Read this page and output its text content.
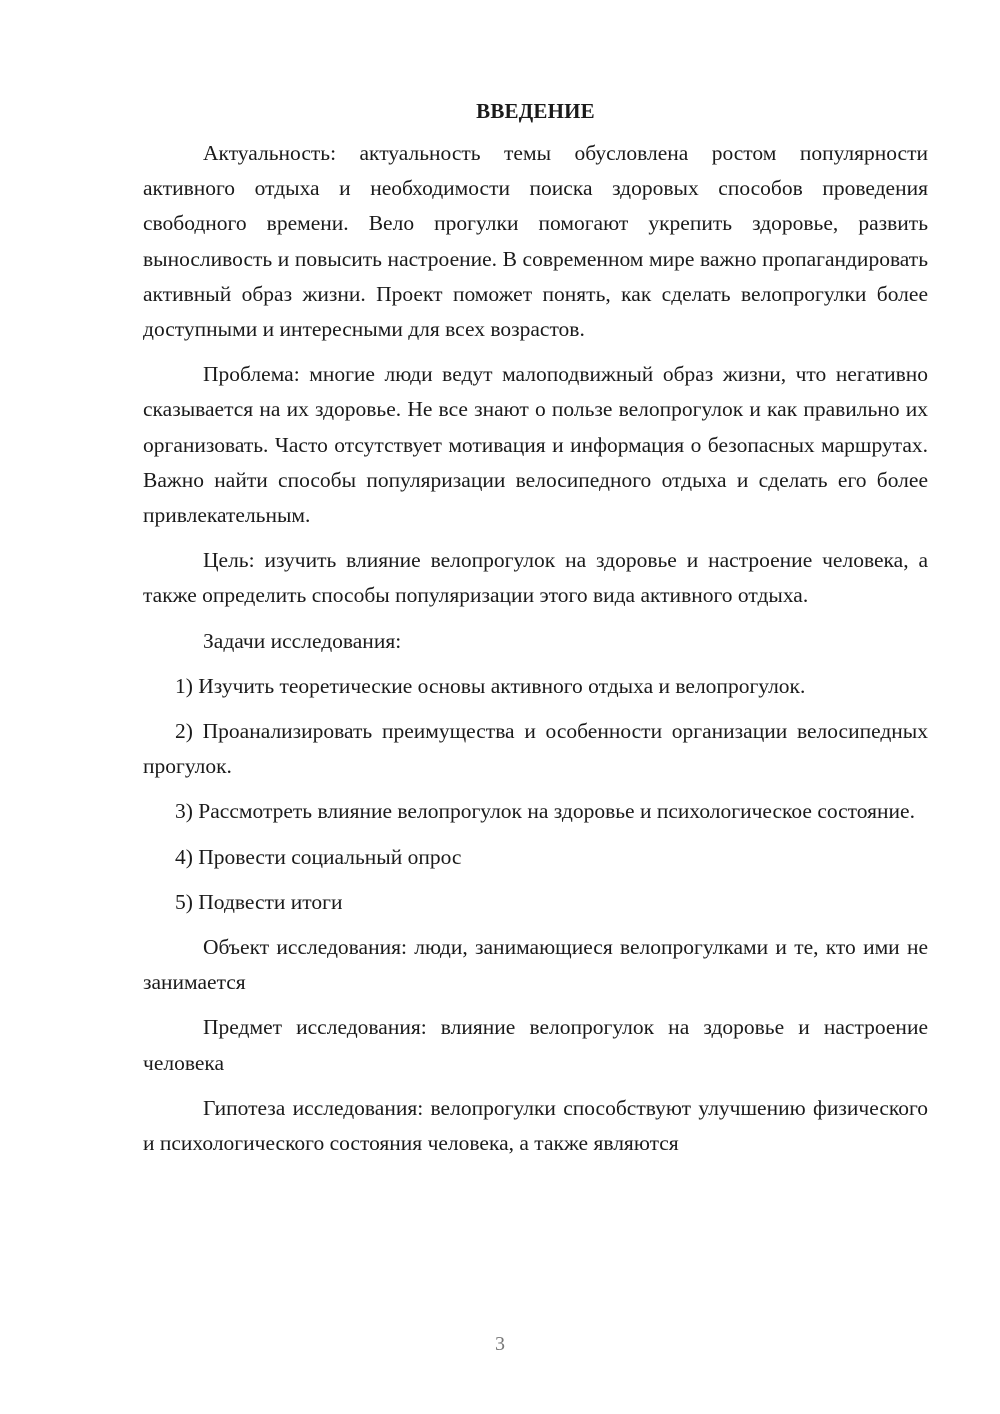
ВВЕДЕНИЕ

Актуальность: актуальность темы обусловлена ростом популярности активного отдыха и необходимости поиска здоровых способов проведения свободного времени. Вело прогулки помогают укрепить здоровье, развить выносливость и повысить настроение. В современном мире важно пропагандировать активный образ жизни. Проект поможет понять, как сделать велопрогулки более доступными и интересными для всех возрастов.

Проблема: многие люди ведут малоподвижный образ жизни, что негативно сказывается на их здоровье. Не все знают о пользе велопрогулок и как правильно их организовать. Часто отсутствует мотивация и информация о безопасных маршрутах. Важно найти способы популяризации велосипедного отдыха и сделать его более привлекательным.

Цель: изучить влияние велопрогулок на здоровье и настроение человека, а также определить способы популяризации этого вида активного отдыха.

Задачи исследования:

1) Изучить теоретические основы активного отдыха и велопрогулок.

2) Проанализировать преимущества и особенности организации велосипедных прогулок.

3) Рассмотреть влияние велопрогулок на здоровье и психологическое состояние.

4) Провести социальный опрос

5) Подвести итоги

Объект исследования: люди, занимающиеся велопрогулками и те, кто ими не занимается

Предмет исследования: влияние велопрогулок на здоровье и настроение человека

Гипотеза исследования: велопрогулки способствуют улучшению физического и психологического состояния человека, а также являются

3
